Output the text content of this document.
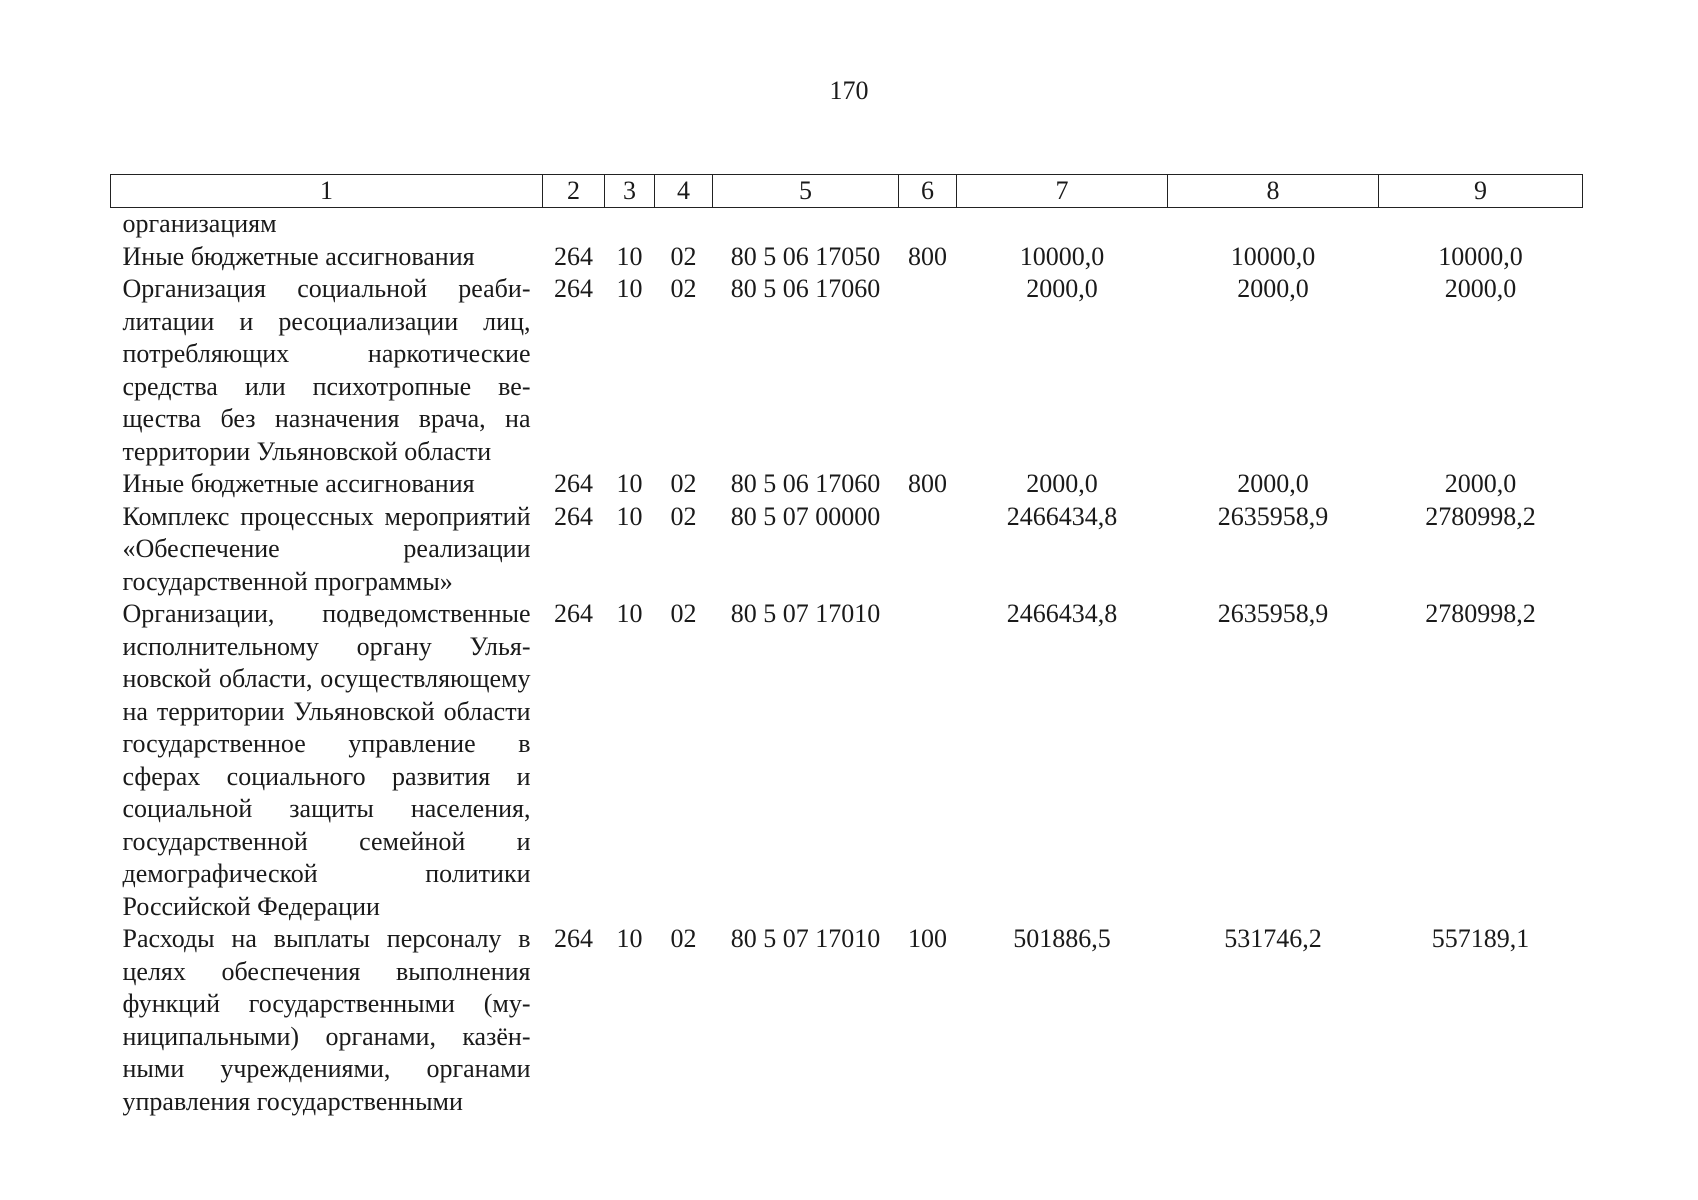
170
1	2	3	4	5	6	7	8	9
организациям								
Иные бюджетные ассигнования	264	10	02	80 5 06 17050	800	10000,0	10000,0	10000,0
Организация социальной реабилитации и ресоциализации лиц, потребляющих наркотические средства или психотропные вещества без назначения врача, на территории Ульяновской области	264	10	02	80 5 06 17060		2000,0	2000,0	2000,0
Иные бюджетные ассигнования	264	10	02	80 5 06 17060	800	2000,0	2000,0	2000,0
Комплекс процессных мероприятий «Обеспечение реализации государственной программы»	264	10	02	80 5 07 00000		2466434,8	2635958,9	2780998,2
Организации, подведомственные исполнительному органу Ульяновской области, осуществляющему на территории Ульяновской области государственное управление в сферах социального развития и социальной защиты населения, государственной семейной и демографической политики Российской Федерации	264	10	02	80 5 07 17010		2466434,8	2635958,9	2780998,2
Расходы на выплаты персоналу в целях обеспечения выполнения функций государственными (муниципальными) органами, казёнными учреждениями, органами управления государственными	264	10	02	80 5 07 17010	100	501886,5	531746,2	557189,1
